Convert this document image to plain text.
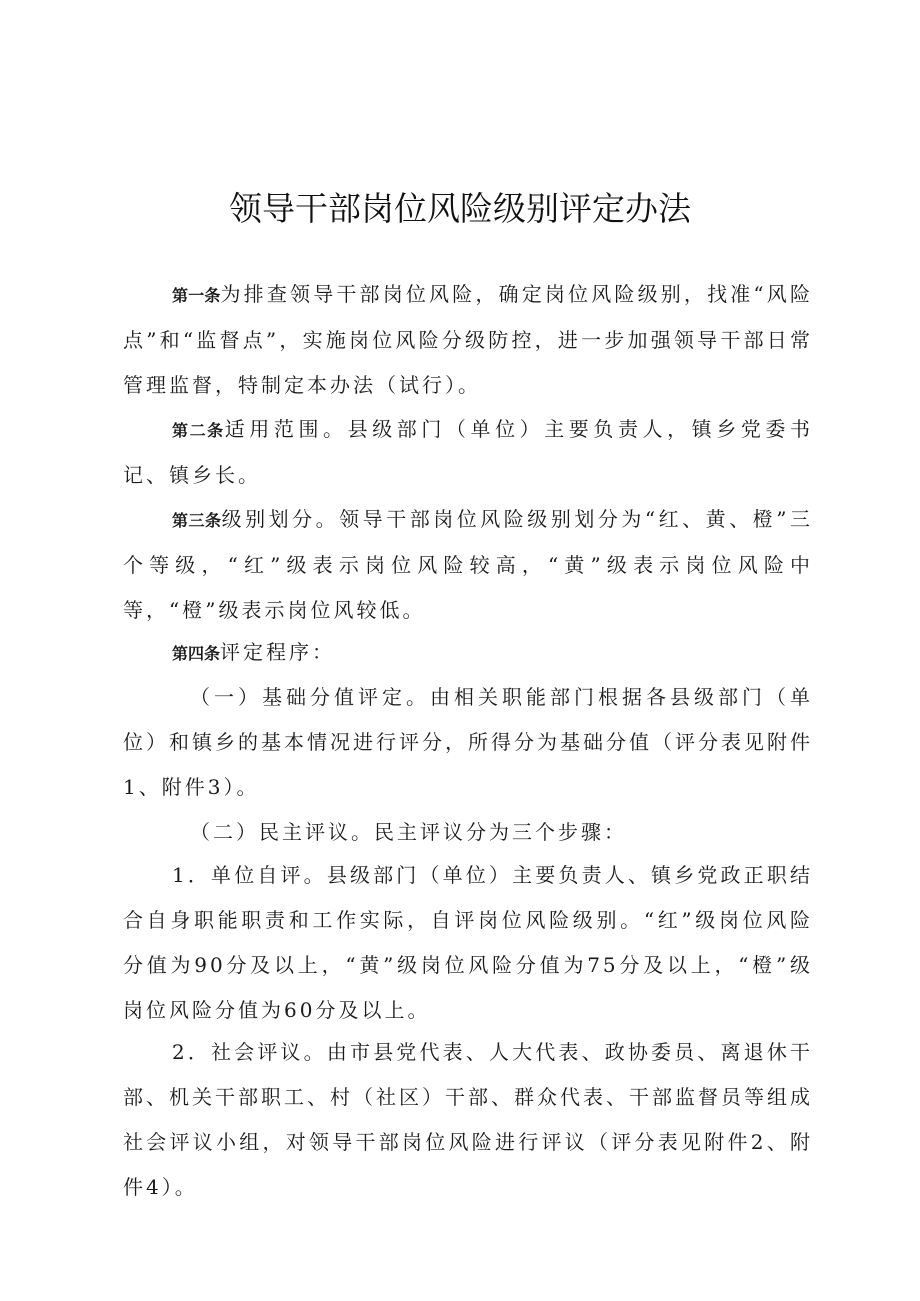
领导干部岗位风险级别评定办法

第一条为排查领导干部岗位风险，确定岗位风险级别，找准“风险点”和“监督点”，实施岗位风险分级防控，进一步加强领导干部日常管理监督，特制定本办法（试行）。

第二条适用范围。县级部门（单位）主要负责人，镇乡党委书记、镇乡长。

第三条级别划分。领导干部岗位风险级别划分为“红、黄、橙”三个等级，“红”级表示岗位风险较高，“黄”级表示岗位风险中等，“橙”级表示岗位风较低。

第四条评定程序：

（一）基础分值评定。由相关职能部门根据各县级部门（单位）和镇乡的基本情况进行评分，所得分为基础分值（评分表见附件1、附件3）。

（二）民主评议。民主评议分为三个步骤：

1．单位自评。县级部门（单位）主要负责人、镇乡党政正职结合自身职能职责和工作实际，自评岗位风险级别。“红”级岗位风险分值为90分及以上，“黄”级岗位风险分值为75分及以上，“橙”级岗位风险分值为60分及以上。

2．社会评议。由市县党代表、人大代表、政协委员、离退休干部、机关干部职工、村（社区）干部、群众代表、干部监督员等组成社会评议小组，对领导干部岗位风险进行评议（评分表见附件2、附件4）。
